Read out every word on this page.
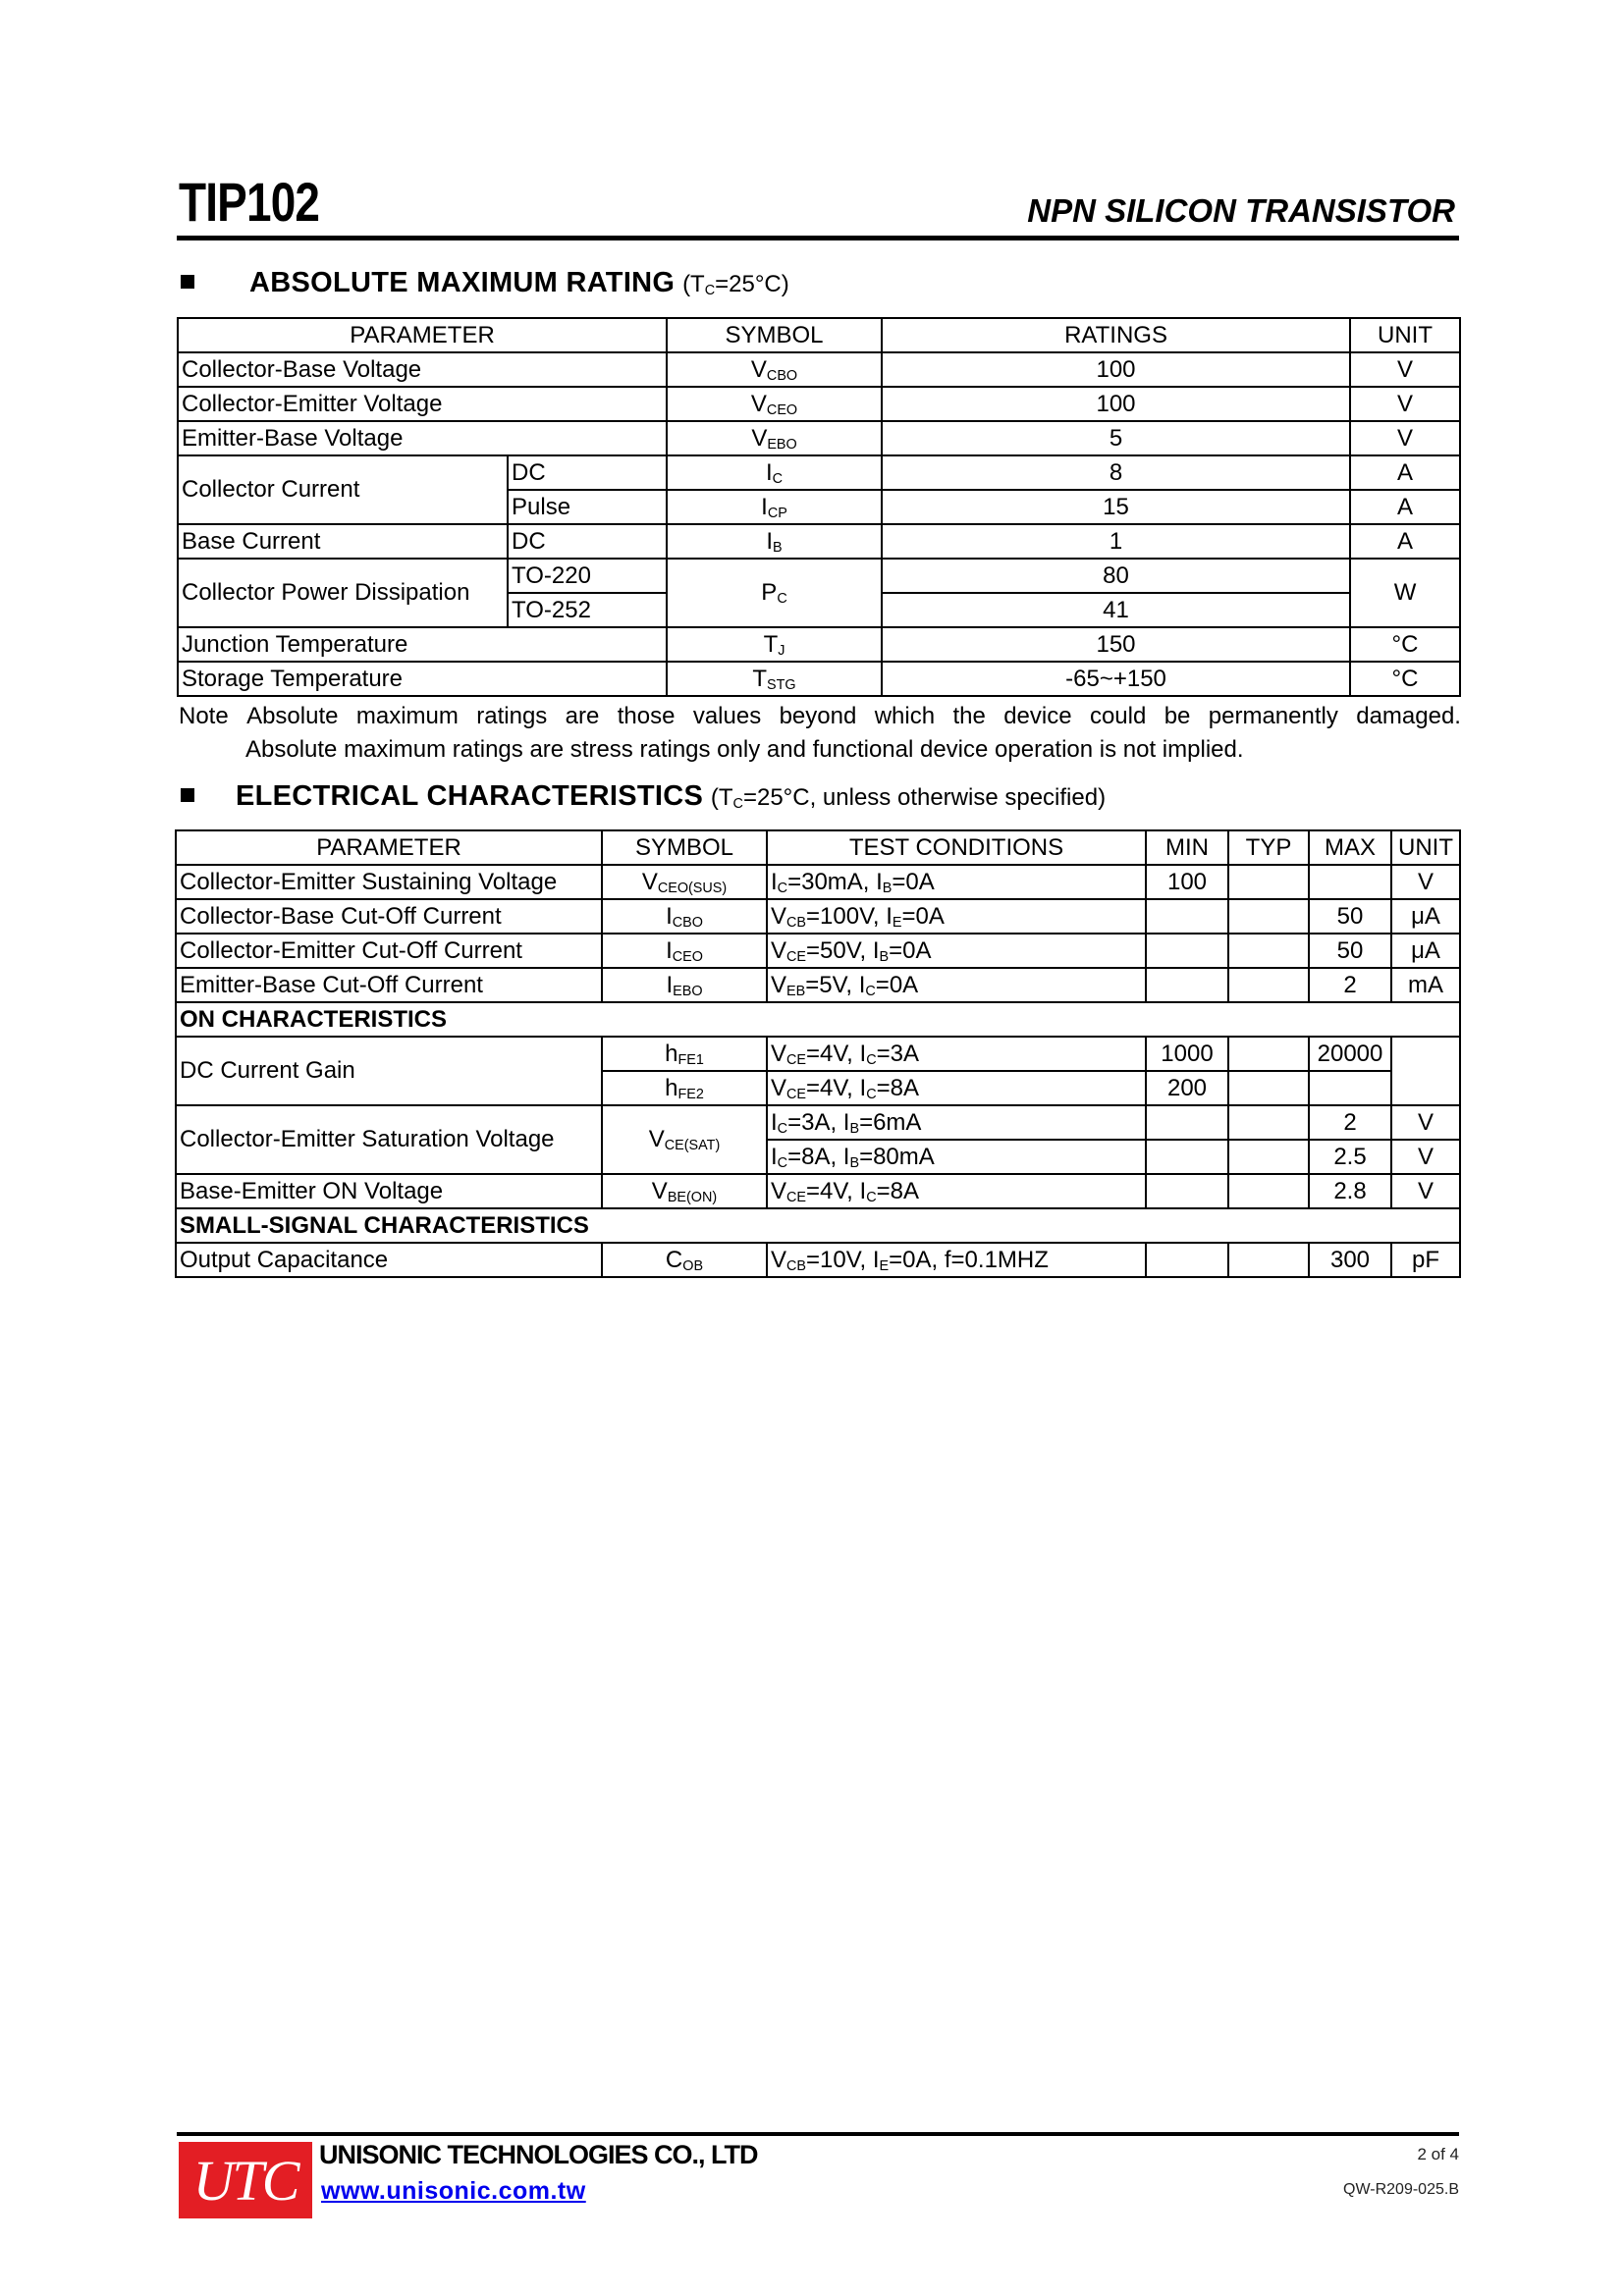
TIP102	NPN SILICON TRANSISTOR
ABSOLUTE MAXIMUM RATING $(T_C=25^\circ C)$
PARAMETER		SYMBOL	RATINGS	UNIT
Collector-Base Voltage		$V_{CBO}$	100	V
Collector-Emitter Voltage		$V_{CEO}$	100	V
Emitter-Base Voltage		$V_{EBO}$	5	V
Collector Current	DC	$I_C$	8	A
	Pulse	$I_{CP}$	15	A
Base Current	DC	$I_B$	1	A
Collector Power Dissipation	TO-220	$P_C$	80	W
	TO-252		41	
Junction Temperature		$T_J$	150	°C
Storage Temperature		$T_{STG}$	-65~+150	°C
Note Absolute maximum ratings are those values beyond which the device could be permanently damaged.
Absolute maximum ratings are stress ratings only and functional device operation is not implied.
ELECTRICAL CHARACTERISTICS ($T_C=25^\circ C$, unless otherwise specified)
PARAMETER	SYMBOL	TEST CONDITIONS	MIN	TYP	MAX	UNIT
Collector-Emitter Sustaining Voltage	$V_{CEO(SUS)}$	$I_C=30mA$, $I_B=0A$	100			V
Collector-Base Cut-Off Current	$I_{CBO}$	$V_{CB}=100V$, $I_E=0A$			50	μA
Collector-Emitter Cut-Off Current	$I_{CEO}$	$V_{CE}=50V$, $I_B=0A$			50	μA
Emitter-Base Cut-Off Current	$I_{EBO}$	$V_{EB}=5V$, $I_C=0A$			2	mA
ON CHARACTERISTICS						
DC Current Gain	$h_{FE1}$	$V_{CE}=4V$, $I_C=3A$	1000		20000	
	$h_{FE2}$	$V_{CE}=4V$, $I_C=8A$	200			
Collector-Emitter Saturation Voltage	$V_{CE(SAT)}$	$I_C=3A$, $I_B=6mA$			2	V
		$I_C=8A$, $I_B=80mA$			2.5	V
Base-Emitter ON Voltage	$V_{BE(ON)}$	$V_{CE}=4V$, $I_C=8A$			2.8	V
SMALL-SIGNAL CHARACTERISTICS						
Output Capacitance	$C_{OB}$	$V_{CB}=10V$, $I_E=0A$, f=0.1MHZ			300	pF
UTC UNISONIC TECHNOLOGIES CO., LTD
www.unisonic.com.tw
2 of 4
QW-R209-025.B
